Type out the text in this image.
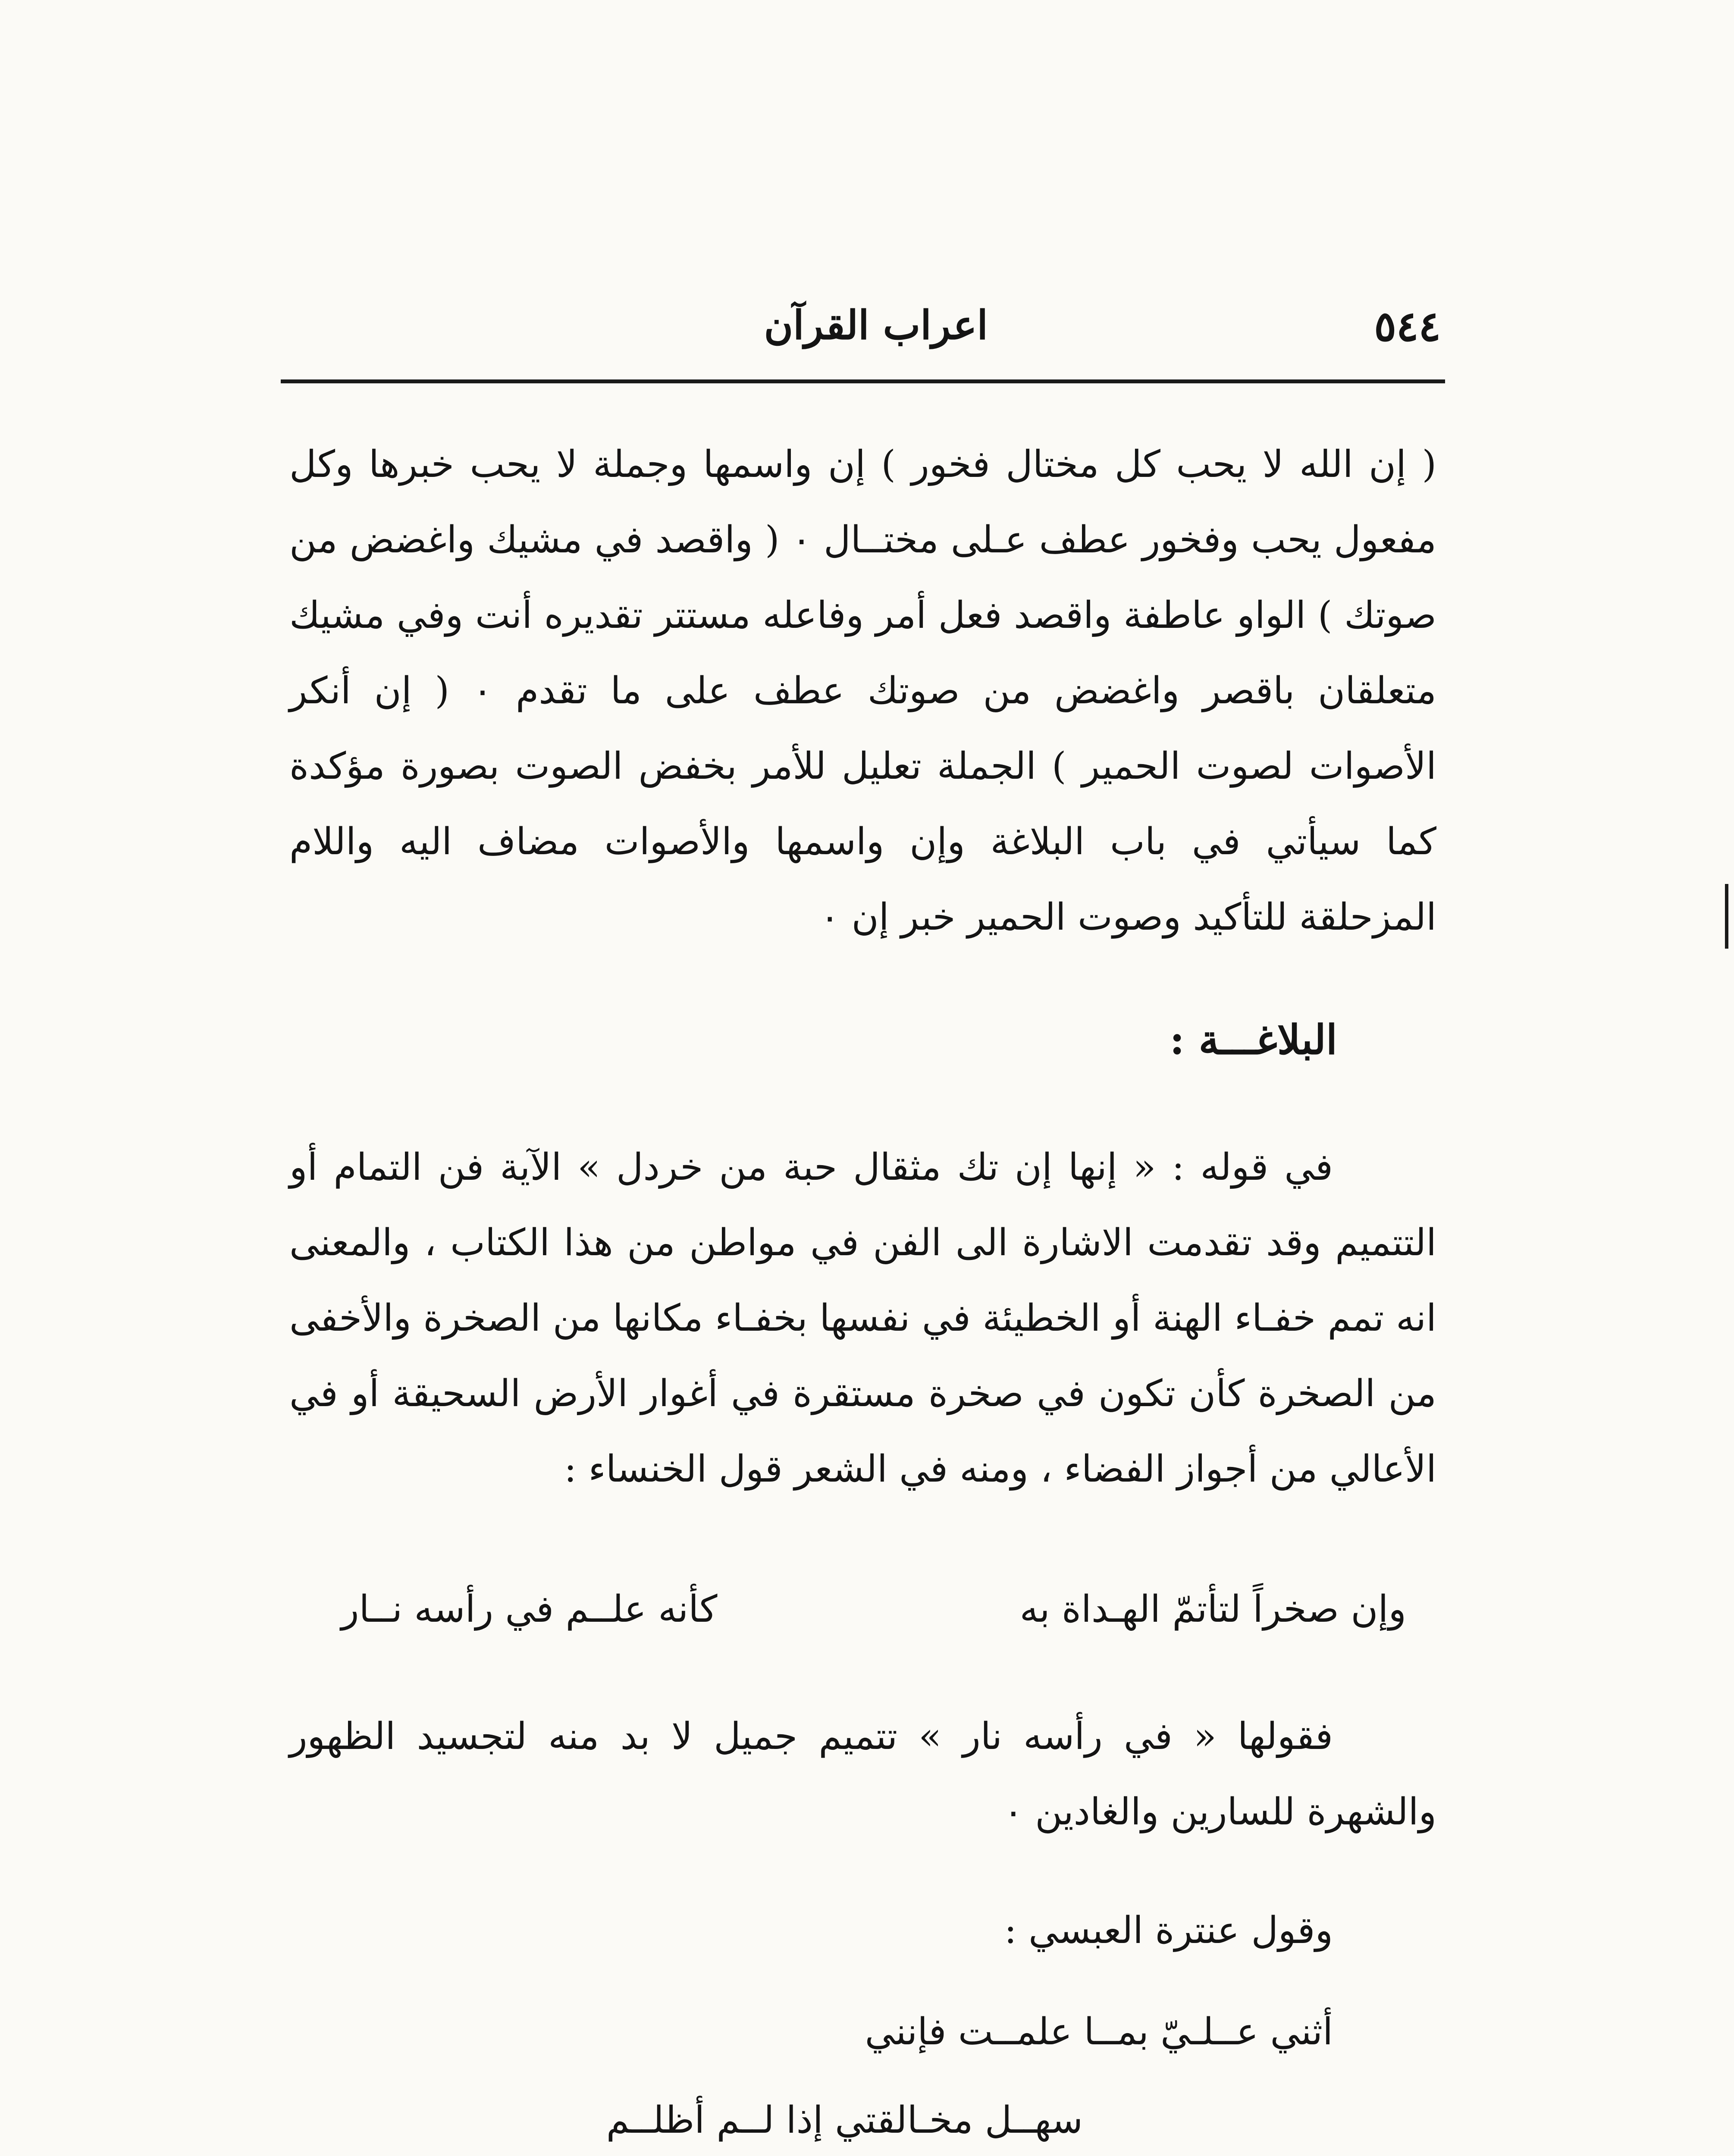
٥٤٤
اعراب القرآن

( إن الله لا يحب كل مختال فخور ) إن واسمها وجملة لا يحب خبرها وكل مفعول يحب وفخور عطف عـلى مختــال ٠ ( واقصد في مشيك واغضض من صوتك ) الواو عاطفة واقصد فعل أمر وفاعله مستتر تقديره أنت وفي مشيك متعلقان باقصر واغضض من صوتك عطف على ما تقدم ٠ ( إن أنكر الأصوات لصوت الحمير ) الجملة تعليل للأمر بخفض الصوت بصورة مؤكدة كما سيأتي في باب البلاغة وإن واسمها والأصوات مضاف اليه واللام المزحلقة للتأكيد وصوت الحمير خبر إن ٠

البلاغـــة :

في قوله : « إنها إن تك مثقال حبة من خردل » الآية فن التمام أو التتميم وقد تقدمت الاشارة الى الفن في مواطن من هذا الكتاب ، والمعنى انه تمم خفـاء الهنة أو الخطيئة في نفسها بخفـاء مكانها من الصخرة والأخفى من الصخرة كأن تكون في صخرة مستقرة في أغوار الأرض السحيقة أو في الأعالي من أجواز الفضاء ، ومنه في الشعر قول الخنساء :

وإن صخراً لتأتمّ الهـداة به
كأنه علــم في رأسه نــار

فقولها « في رأسه نار » تتميم جميل لا بد منه لتجسيد الظهور والشهرة للسارين والغادين ٠

وقول عنترة العبسي :

أثني عــلـيّ بمــا علمــت فإنني
سهــل مخـالقتي إذا لــم أظلــم
